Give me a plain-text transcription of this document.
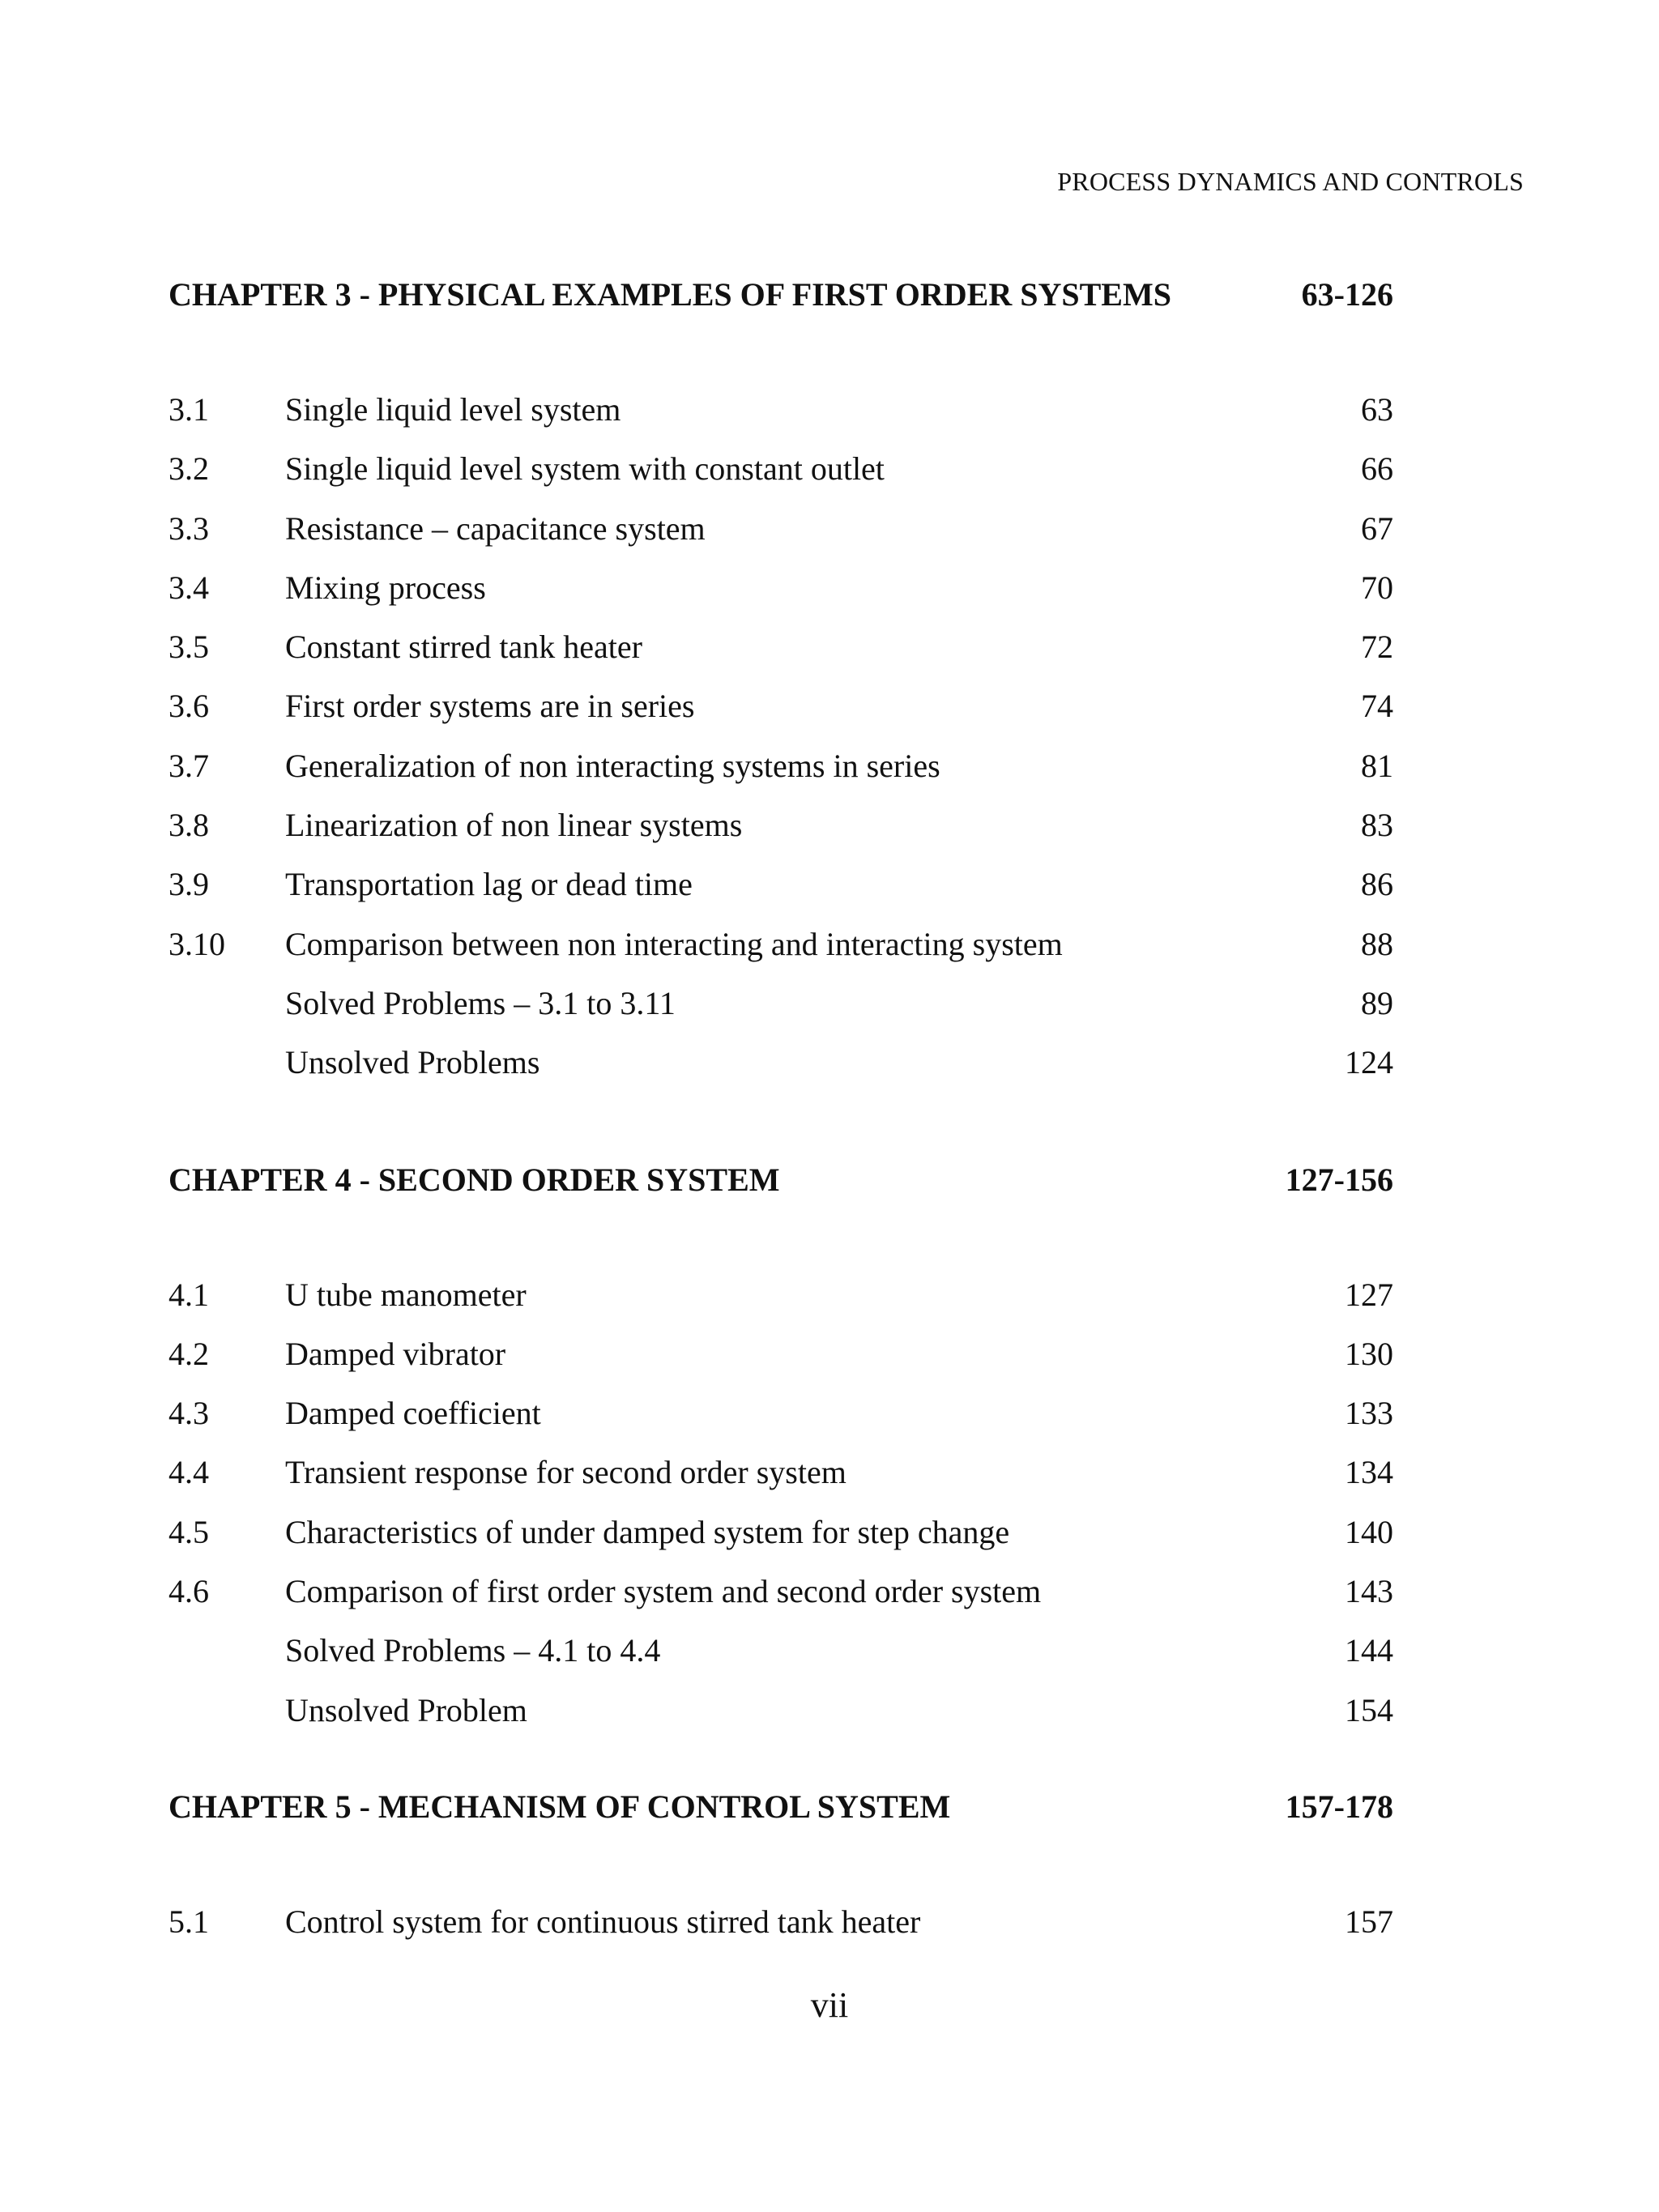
PROCESS DYNAMICS AND CONTROLS
CHAPTER 3 - PHYSICAL EXAMPLES OF FIRST ORDER SYSTEMS	63-126
3.1	Single liquid level system	63
3.2	Single liquid level system with constant outlet	66
3.3	Resistance – capacitance system	67
3.4	Mixing process	70
3.5	Constant stirred tank heater	72
3.6	First order systems are in series	74
3.7	Generalization of non interacting systems in series	81
3.8	Linearization of non linear systems	83
3.9	Transportation lag or dead time	86
3.10	Comparison between non interacting and interacting system	88
Solved Problems – 3.1 to 3.11	89
Unsolved Problems	124
CHAPTER 4 - SECOND ORDER SYSTEM	127-156
4.1	U tube manometer	127
4.2	Damped vibrator	130
4.3	Damped coefficient	133
4.4	Transient response for second order system	134
4.5	Characteristics of under damped system for step change	140
4.6	Comparison of first order system and second order system	143
Solved Problems – 4.1 to 4.4	144
Unsolved Problem	154
CHAPTER 5 - MECHANISM OF CONTROL SYSTEM	157-178
5.1	Control system for continuous stirred tank heater	157
vii
